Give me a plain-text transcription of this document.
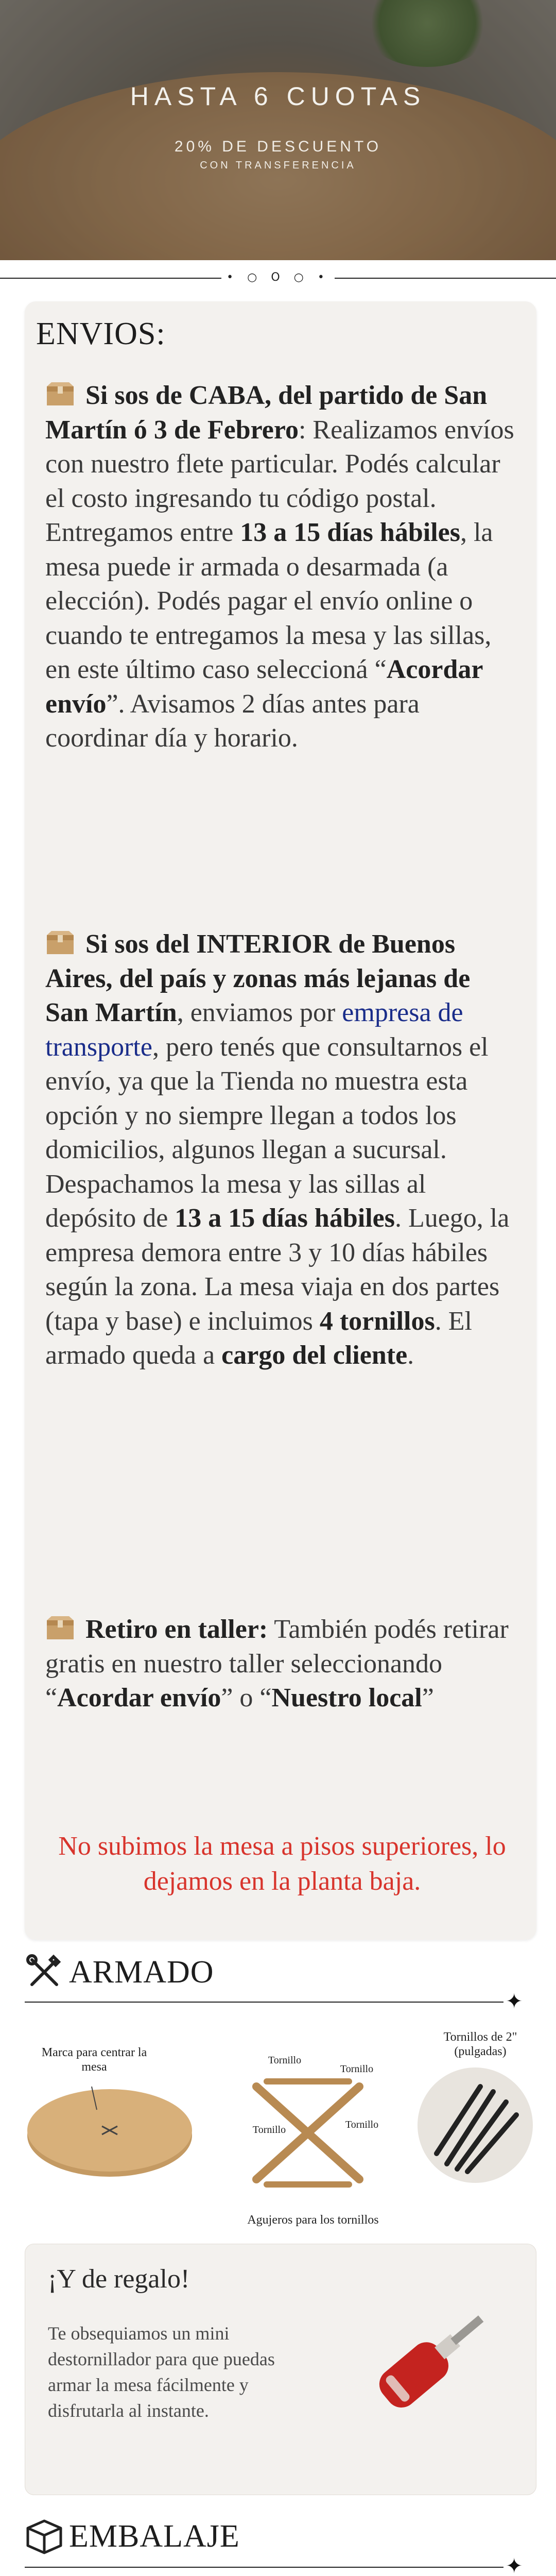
HASTA 6 CUOTAS
20% DE DESCUENTO
CON TRANSFERENCIA
• ○ O ○ •
ENVIOS:
Si sos de CABA, del partido de San Martín ó 3 de Febrero: Realizamos envíos con nuestro flete particular. Podés calcular el costo ingresando tu código postal. Entregamos entre 13 a 15 días hábiles, la mesa puede ir armada o desarmada (a elección). Podés pagar el envío online o cuando te entregamos la mesa y las sillas, en este último caso seleccioná “Acordar envío”. Avisamos 2 días antes para coordinar día y horario.
Si sos del INTERIOR de Buenos Aires, del país y zonas más lejanas de San Martín, enviamos por empresa de transporte, pero tenés que consultarnos el envío, ya que la Tienda no muestra esta opción y no siempre llegan a todos los domicilios, algunos llegan a sucursal. Despachamos la mesa y las sillas al depósito de 13 a 15 días hábiles. Luego, la empresa demora entre 3 y 10 días hábiles según la zona. La mesa viaja en dos partes (tapa y base) e incluimos 4 tornillos. El armado queda a cargo del cliente.
Retiro en taller: También podés retirar gratis en nuestro taller seleccionando “Acordar envío” o “Nuestro local”
No subimos la mesa a pisos superiores, lo dejamos en la planta baja.
ARMADO
✦
Marca para centrar la mesa	Tornillo
Tornillo
Tornillo
Tornillo
Agujeros para los tornillos
Tornillos de 2" (pulgadas)
¡Y de regalo!
Te obsequiamos un mini destornillador para que puedas armar la mesa fácilmente y disfrutarla al instante.
EMBALAJE
✦
